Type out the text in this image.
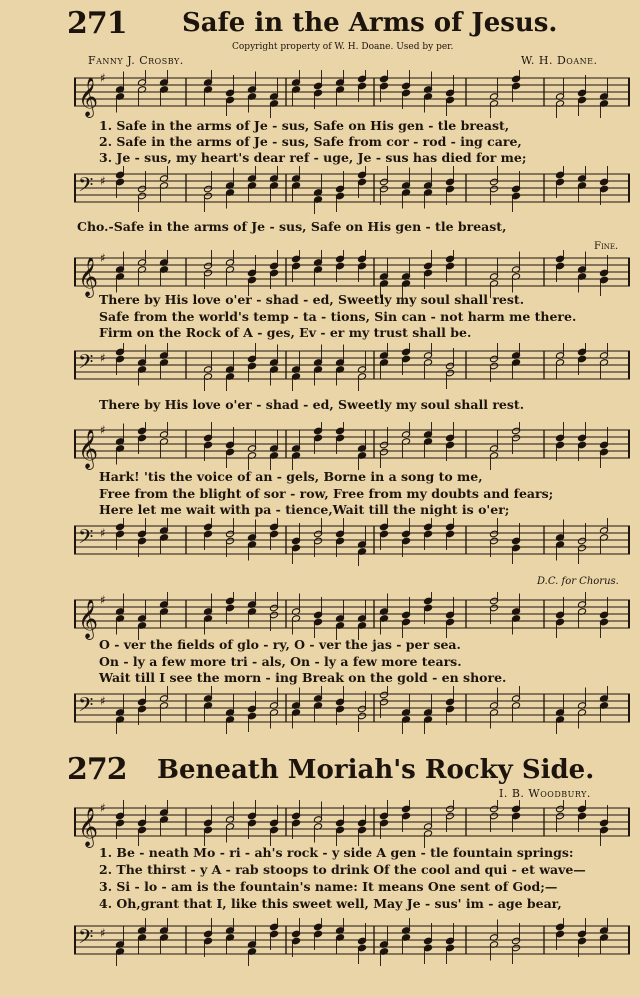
271 Safe in the Arms of Jesus.
Fanny J. Crosby.
Copyright property of W. H. Doane. Used by per.
W. H. Doane.
𝄞 ♯
1. Safe in the arms of Je - sus, Safe on His gen - tle breast,
2. Safe in the arms of Je - sus, Safe from cor - rod - ing care,
3. Je - sus, my heart's dear ref - uge, Je - sus has died for me;
𝄢 ♯
Cho.-Safe in the arms of Je - sus, Safe on His gen - tle breast,
Fine.
𝄞 ♯
There by His love o'er - shad - ed, Sweetly my soul shall rest.
Safe from the world's temp - ta - tions, Sin can - not harm me there.
Firm on the Rock of A - ges, Ev - er my trust shall be.
𝄢 ♯
There by His love o'er - shad - ed, Sweetly my soul shall rest.
𝄞 ♯
Hark! 'tis the voice of an - gels, Borne in a song to me,
Free from the blight of sor - row, Free from my doubts and fears;
Here let me wait with pa - tience,Wait till the night is o'er;
𝄢 ♯
D.C. for Chorus.
𝄞 ♯
O - ver the fields of glo - ry, O - ver the jas - per sea.
On - ly a few more tri - als, On - ly a few more tears.
Wait till I see the morn - ing Break on the gold - en shore.
𝄢 ♯
272 Beneath Moriah's Rocky Side.
I. B. Woodbury.
𝄞 ♯
1. Be - neath Mo - ri - ah's rock - y side A gen - tle fountain springs:
2. The thirst - y A - rab stoops to drink Of the cool and qui - et wave—
3. Si - lo - am is the fountain's name: It means One sent of God;—
4. Oh,grant that I, like this sweet well, May Je - sus' im - age bear,
𝄢 ♯
